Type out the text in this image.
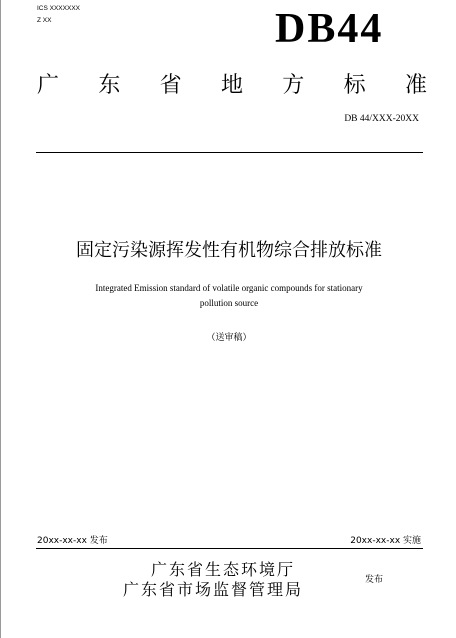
ICS XXXXXXX
Z XX	DB44
广 东 省 地 方 标 准
DB 44/XXX-20XX
固定污染源挥发性有机物综合排放标准
Integrated Emission standard of volatile organic compounds for stationary
pollution source
（送审稿）
20xx-xx-xx 发布	20xx-xx-xx 实施
广东省生态环境厅
广东省市场监督管理局	发布
